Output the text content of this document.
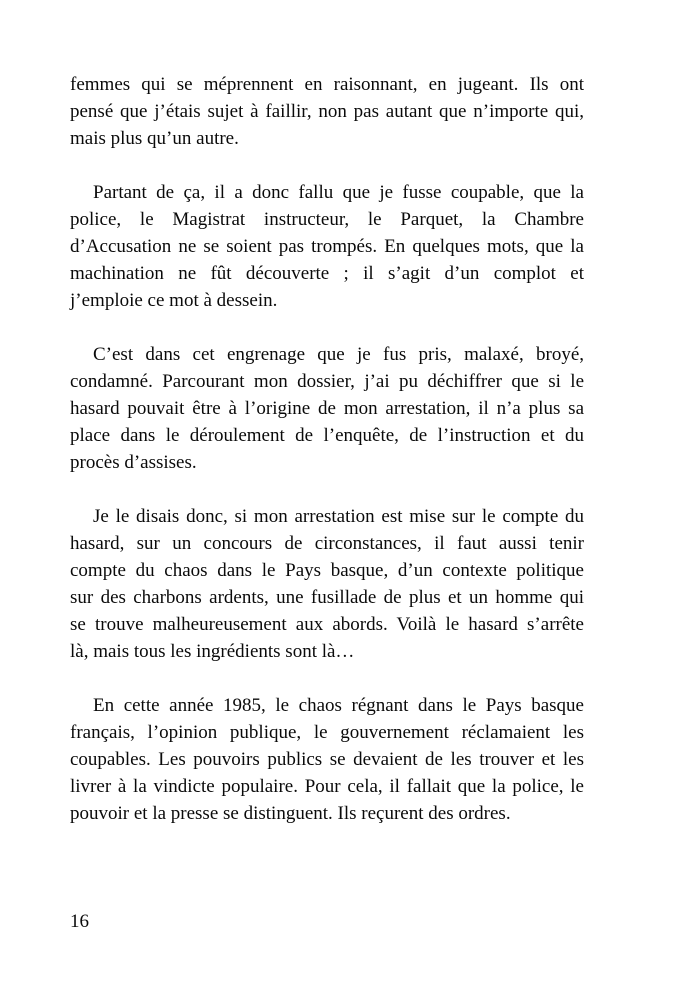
femmes qui se méprennent en raisonnant, en jugeant. Ils ont
pensé que j’étais sujet à faillir, non pas autant que n’importe qui,
mais plus qu’un autre.
Partant de ça, il a donc fallu que je fusse coupable, que la
police, le Magistrat instructeur, le Parquet, la Chambre
d’Accusation ne se soient pas trompés. En quelques mots, que la
machination ne fût découverte ; il s’agit d’un complot et
j’emploie ce mot à dessein.
C’est dans cet engrenage que je fus pris, malaxé, broyé,
condamné. Parcourant mon dossier, j’ai pu déchiffrer que si le
hasard pouvait être à l’origine de mon arrestation, il n’a plus sa
place dans le déroulement de l’enquête, de l’instruction et du
procès d’assises.
Je le disais donc, si mon arrestation est mise sur le compte du
hasard, sur un concours de circonstances, il faut aussi tenir
compte du chaos dans le Pays basque, d’un contexte politique
sur des charbons ardents, une fusillade de plus et un homme qui
se trouve malheureusement aux abords. Voilà le hasard s’arrête
là, mais tous les ingrédients sont là…
En cette année 1985, le chaos régnant dans le Pays basque
français, l’opinion publique, le gouvernement réclamaient les
coupables. Les pouvoirs publics se devaient de les trouver et les
livrer à la vindicte populaire. Pour cela, il fallait que la police, le
pouvoir et la presse se distinguent. Ils reçurent des ordres.
16
